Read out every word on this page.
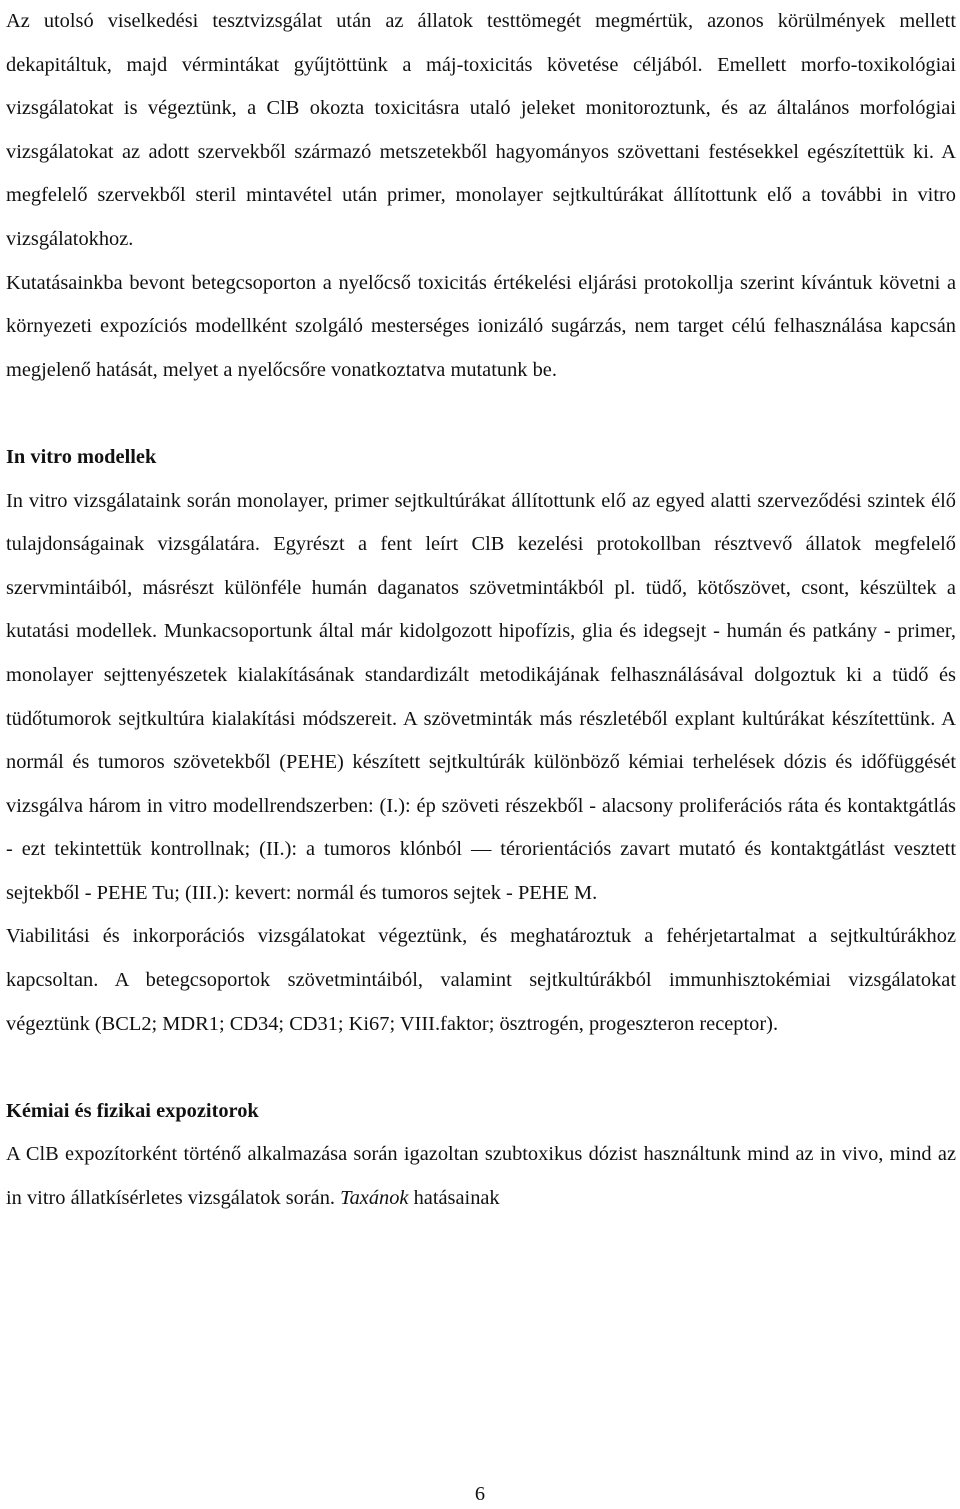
Az utolsó viselkedési tesztvizsgálat után az állatok testtömegét megmértük, azonos körülmények mellett dekapitáltuk, majd vérmintákat gyűjtöttünk a máj-toxicitás követése céljából. Emellett morfo-toxikológiai vizsgálatokat is végeztünk, a ClB okozta toxicitásra utaló jeleket monitoroztunk, és az általános morfológiai vizsgálatokat az adott szervekből származó metszetekből hagyományos szövettani festésekkel egészítettük ki. A megfelelő szervekből steril mintavétel után primer, monolayer sejtkultúrákat állítottunk elő a további in vitro vizsgálatokhoz.

Kutatásainkba bevont betegcsoporton a nyelőcső toxicitás értékelési eljárási protokollja szerint kívántuk követni a környezeti expozíciós modellként szolgáló mesterséges ionizáló sugárzás, nem target célú felhasználása kapcsán megjelenő hatását, melyet a nyelőcsőre vonatkoztatva mutatunk be.

In vitro modellek

In vitro vizsgálataink során monolayer, primer sejtkultúrákat állítottunk elő az egyed alatti szerveződési szintek élő tulajdonságainak vizsgálatára. Egyrészt a fent leírt ClB kezelési protokollban résztvevő állatok megfelelő szervmintáiból, másrészt különféle humán daganatos szövetmintákból pl. tüdő, kötőszövet, csont, készültek a kutatási modellek. Munkacsoportunk által már kidolgozott hipofízis, glia és idegsejt - humán és patkány - primer, monolayer sejttenyészetek kialakításának standardizált metodikájának felhasználásával dolgoztuk ki a tüdő és tüdőtumorok sejtkultúra kialakítási módszereit. A szövetminták más részletéből explant kultúrákat készítettünk. A normál és tumoros szövetekből (PEHE) készített sejtkultúrák különböző kémiai terhelések dózis és időfüggését vizsgálva három in vitro modellrendszerben: (I.): ép szöveti részekből - alacsony proliferációs ráta és kontaktgátlás - ezt tekintettük kontrollnak; (II.): a tumoros klónból — térorientációs zavart mutató és kontaktgátlást vesztett sejtekből - PEHE Tu; (III.): kevert: normál és tumoros sejtek - PEHE M.

Viabilitási és inkorporációs vizsgálatokat végeztünk, és meghatároztuk a fehérjetartalmat a sejtkultúrákhoz kapcsoltan. A betegcsoportok szövetmintáiból, valamint sejtkultúrákból immunhisztokémiai vizsgálatokat végeztünk (BCL2; MDR1; CD34; CD31; Ki67; VIII.faktor; ösztrogén, progeszteron receptor).

Kémiai és fizikai expozitorok

A ClB expozítorként történő alkalmazása során igazoltan szubtoxikus dózist használtunk mind az in vivo, mind az in vitro állatkísérletes vizsgálatok során. Taxánok hatásainak

6
